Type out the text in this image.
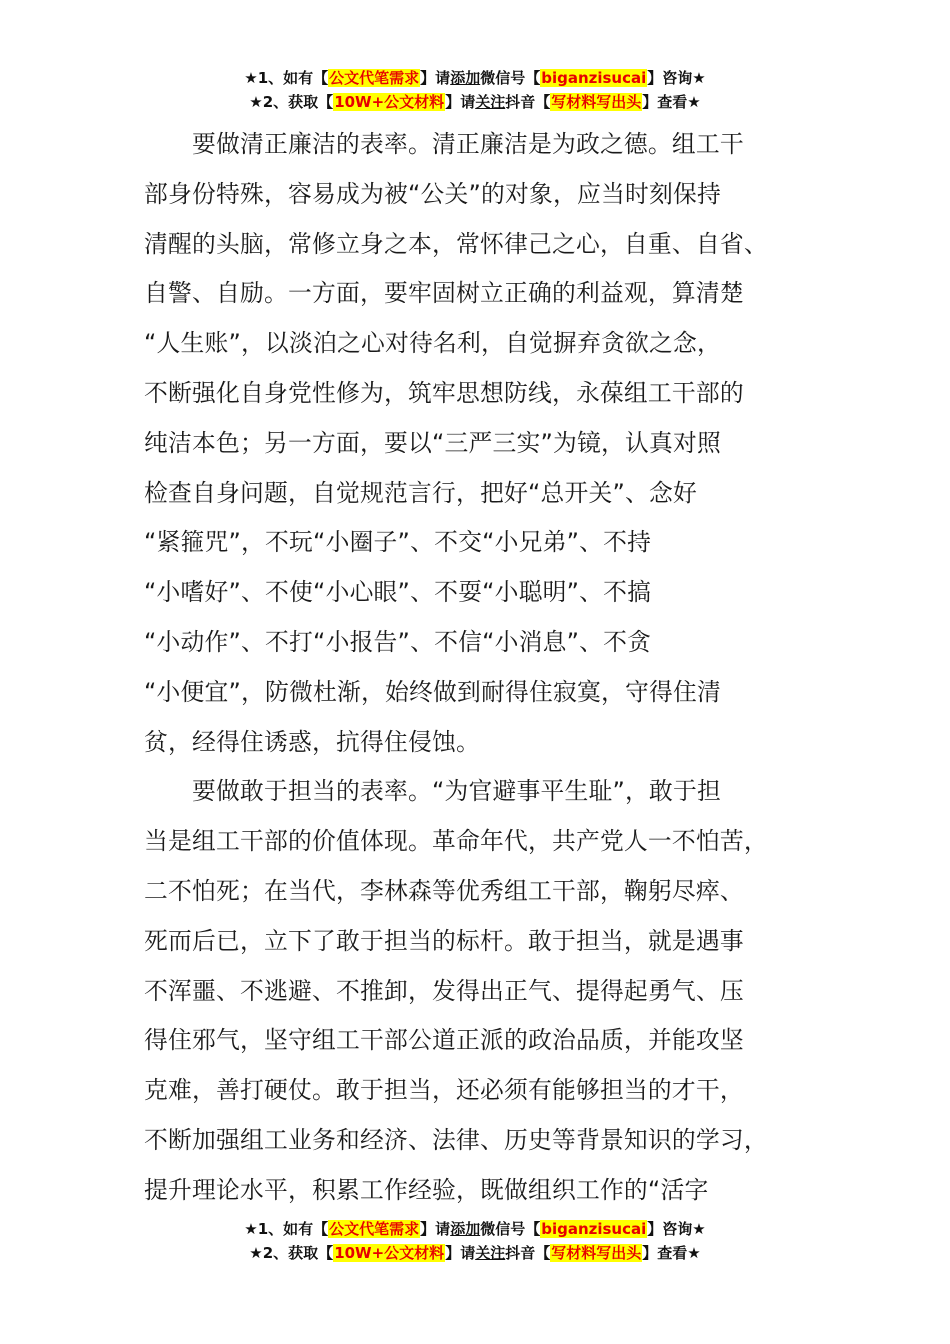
★1、如有【公文代笔需求】请添加微信号【biganzisucai】咨询★
★2、获取【10W+公文材料】请关注抖音【写材料写出头】查看★

　　要做清正廉洁的表率。清正廉洁是为政之德。组工干
部身份特殊，容易成为被“公关”的对象，应当时刻保持
清醒的头脑，常修立身之本，常怀律己之心，自重、自省、
自警、自励。一方面，要牢固树立正确的利益观，算清楚
“人生账”，以淡泊之心对待名利，自觉摒弃贪欲之念，
不断强化自身党性修为，筑牢思想防线，永葆组工干部的
纯洁本色；另一方面，要以“三严三实”为镜，认真对照
检查自身问题，自觉规范言行，把好“总开关”、念好
“紧箍咒”，不玩“小圈子”、不交“小兄弟”、不持
“小嗜好”、不使“小心眼”、不耍“小聪明”、不搞
“小动作”、不打“小报告”、不信“小消息”、不贪
“小便宜”，防微杜渐，始终做到耐得住寂寞，守得住清
贫，经得住诱惑，抗得住侵蚀。

　　要做敢于担当的表率。“为官避事平生耻”，敢于担
当是组工干部的价值体现。革命年代，共产党人一不怕苦，
二不怕死；在当代，李林森等优秀组工干部，鞠躬尽瘁、
死而后已，立下了敢于担当的标杆。敢于担当，就是遇事
不浑噩、不逃避、不推卸，发得出正气、提得起勇气、压
得住邪气，坚守组工干部公道正派的政治品质，并能攻坚
克难，善打硬仗。敢于担当，还必须有能够担当的才干，
不断加强组工业务和经济、法律、历史等背景知识的学习，
提升理论水平，积累工作经验，既做组织工作的“活字

★1、如有【公文代笔需求】请添加微信号【biganzisucai】咨询★
★2、获取【10W+公文材料】请关注抖音【写材料写出头】查看★
